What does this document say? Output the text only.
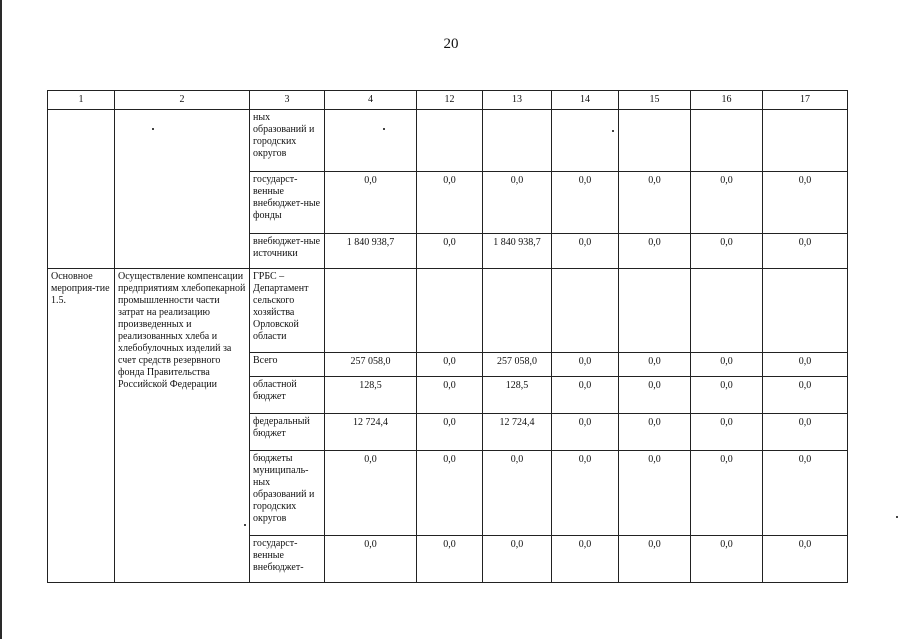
20
1	2	3	4	12	13	14	15	16	17
		ных образований и городских округов							
		государст-венные внебюджет-ные фонды	0,0	0,0	0,0	0,0	0,0	0,0	0,0
		внебюджет-ные источники	1 840 938,7	0,0	1 840 938,7	0,0	0,0	0,0	0,0
Основное мероприя-тие 1.5.	Осуществление компенсации предприятиям хлебопекарной промышленности части затрат на реализацию произведенных и реализованных хлеба и хлебобулочных изделий за счет средств резервного фонда Правительства Российской Федерации	ГРБС – Департамент сельского хозяйства Орловской области							
		Всего	257 058,0	0,0	257 058,0	0,0	0,0	0,0	0,0
		областной бюджет	128,5	0,0	128,5	0,0	0,0	0,0	0,0
		федеральный бюджет	12 724,4	0,0	12 724,4	0,0	0,0	0,0	0,0
		бюджеты муниципаль-ных образований и городских округов	0,0	0,0	0,0	0,0	0,0	0,0	0,0
		государст-венные внебюджет-	0,0	0,0	0,0	0,0	0,0	0,0	0,0
